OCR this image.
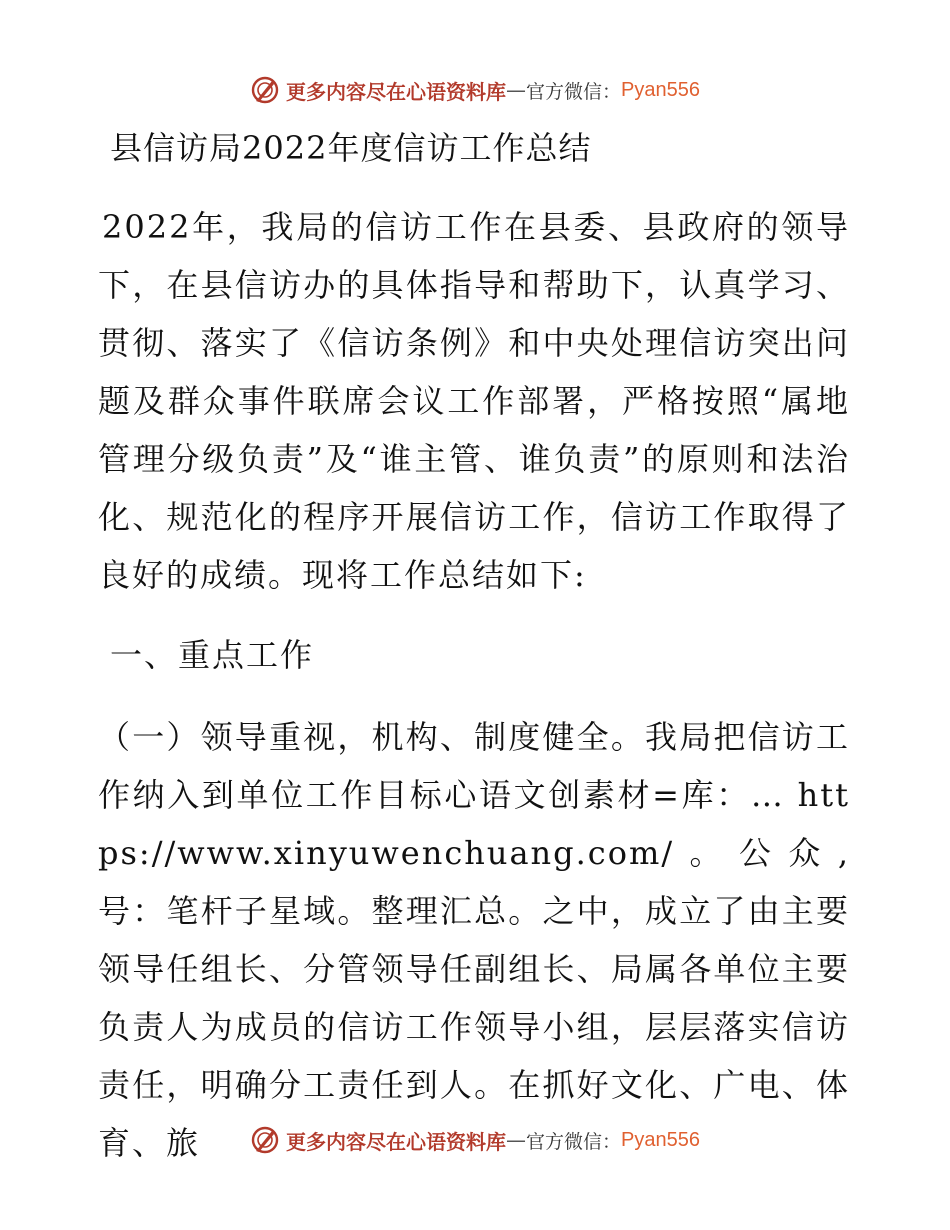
更多内容尽在心语资料库 — 官方微信： Pyan556
县信访局2022年度信访工作总结

2022年，我局的信访工作在县委、县政府的领导下，在县信访办的具体指导和帮助下，认真学习、贯彻、落实了《信访条例》和中央处理信访突出问题及群众事件联席会议工作部署，严格按照“属地管理分级负责”及“谁主管、谁负责”的原则和法治化、规范化的程序开展信访工作，信访工作取得了良好的成绩。现将工作总结如下:

一、重点工作

（一）领导重视，机构、制度健全。我局把信访工作纳入到单位工作目标心语文创素材=库：… https://www.xinyuwenchuang.com/。公众,号：笔杆子星域。整理汇总。之中，成立了由主要领导任组长、分管领导任副组长、局属各单位主要负责人为成员的信访工作领导小组，层层落实信访责任，明确分工责任到人。在抓好文化、广电、体育、旅	更多内容尽在心语资料库 — 官方微信： Pyan556
